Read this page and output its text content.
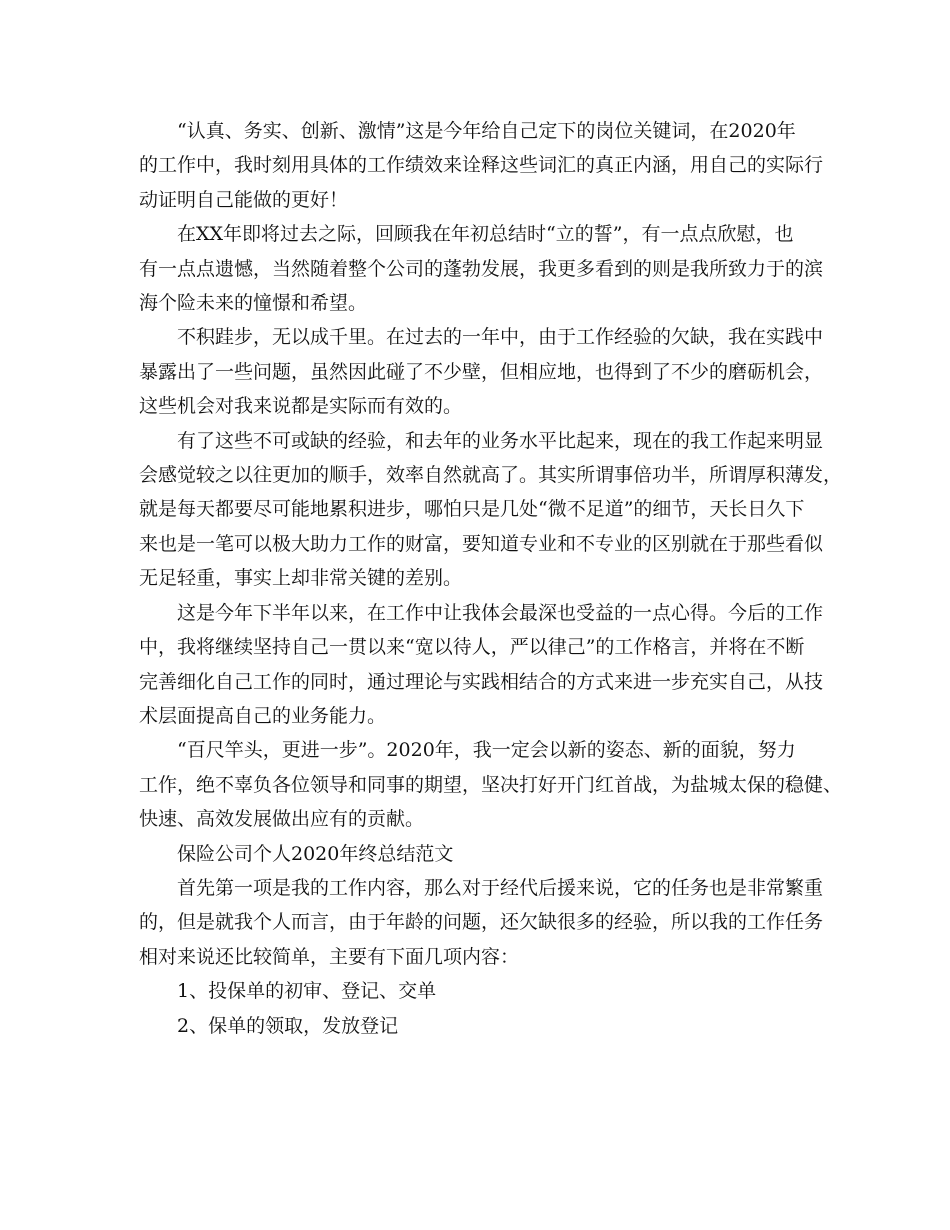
“认真、务实、创新、激情”这是今年给自己定下的岗位关键词，在2020年
的工作中，我时刻用具体的工作绩效来诠释这些词汇的真正内涵，用自己的实际行
动证明自己能做的更好！

在XX年即将过去之际，回顾我在年初总结时“立的誓”，有一点点欣慰，也
有一点点遗憾，当然随着整个公司的蓬勃发展，我更多看到的则是我所致力于的滨
海个险未来的憧憬和希望。

不积跬步，无以成千里。在过去的一年中，由于工作经验的欠缺，我在实践中
暴露出了一些问题，虽然因此碰了不少壁，但相应地，也得到了不少的磨砺机会，
这些机会对我来说都是实际而有效的。

有了这些不可或缺的经验，和去年的业务水平比起来，现在的我工作起来明显
会感觉较之以往更加的顺手，效率自然就高了。其实所谓事倍功半，所谓厚积薄发，
就是每天都要尽可能地累积进步，哪怕只是几处“微不足道”的细节，天长日久下
来也是一笔可以极大助力工作的财富，要知道专业和不专业的区别就在于那些看似
无足轻重，事实上却非常关键的差别。

这是今年下半年以来，在工作中让我体会最深也受益的一点心得。今后的工作
中，我将继续坚持自己一贯以来“宽以待人，严以律己”的工作格言，并将在不断
完善细化自己工作的同时，通过理论与实践相结合的方式来进一步充实自己，从技
术层面提高自己的业务能力。

“百尺竿头，更进一步”。2020年，我一定会以新的姿态、新的面貌，努力
工作，绝不辜负各位领导和同事的期望，坚决打好开门红首战，为盐城太保的稳健、
快速、高效发展做出应有的贡献。

保险公司个人2020年终总结范文

首先第一项是我的工作内容，那么对于经代后援来说，它的任务也是非常繁重
的，但是就我个人而言，由于年龄的问题，还欠缺很多的经验，所以我的工作任务
相对来说还比较简单，主要有下面几项内容：

1、投保单的初审、登记、交单

2、保单的领取，发放登记
